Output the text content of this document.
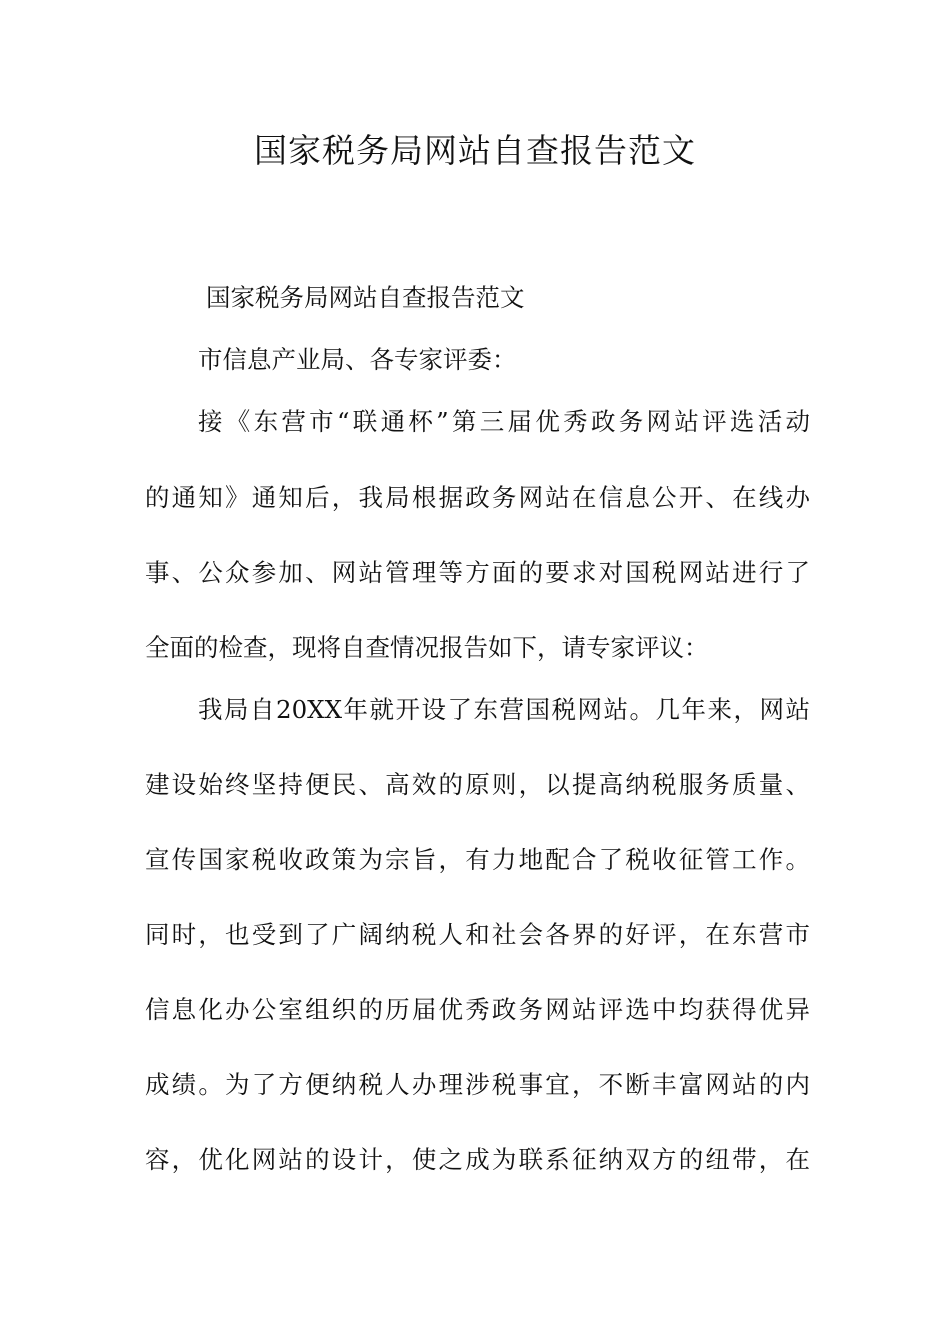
国家税务局网站自查报告范文
国家税务局网站自查报告范文
市信息产业局、各专家评委：
接《东营市“联通杯”第三届优秀政务网站评选活动
的通知》通知后，我局根据政务网站在信息公开、在线办
事、公众参加、网站管理等方面的要求对国税网站进行了
全面的检查，现将自查情况报告如下，请专家评议：
我局自20XX年就开设了东营国税网站。几年来，网站
建设始终坚持便民、高效的原则，以提高纳税服务质量、
宣传国家税收政策为宗旨，有力地配合了税收征管工作。
同时，也受到了广阔纳税人和社会各界的好评，在东营市
信息化办公室组织的历届优秀政务网站评选中均获得优异
成绩。为了方便纳税人办理涉税事宜，不断丰富网站的内
容，优化网站的设计，使之成为联系征纳双方的纽带，在
